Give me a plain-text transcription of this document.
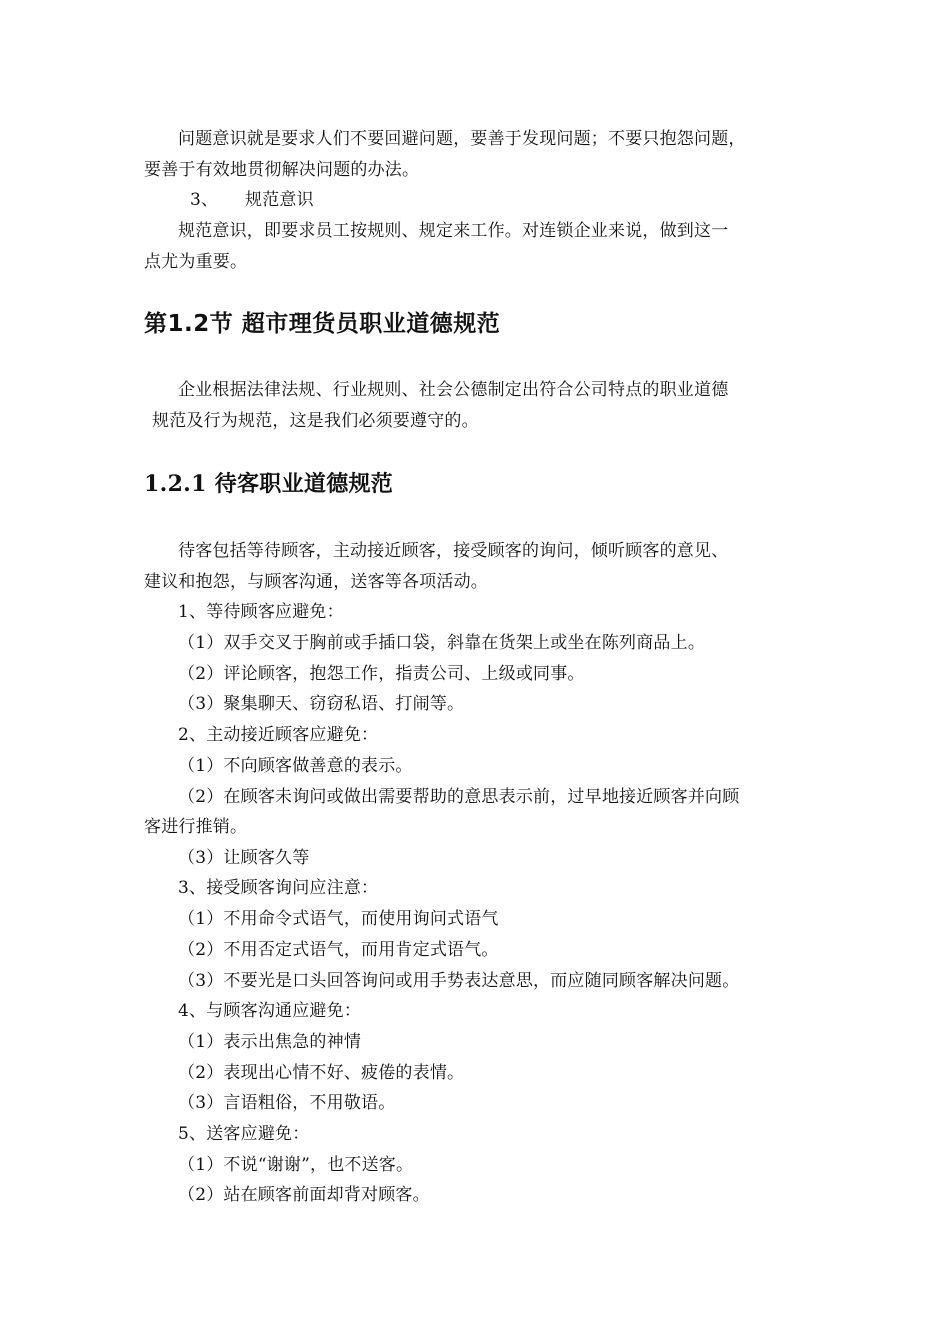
问题意识就是要求人们不要回避问题，要善于发现问题；不要只抱怨问题，
要善于有效地贯彻解决问题的办法。
3、 规范意识
规范意识，即要求员工按规则、规定来工作。对连锁企业来说，做到这一
点尤为重要。
第1.2节 超市理货员职业道德规范
企业根据法律法规、行业规则、社会公德制定出符合公司特点的职业道德
规范及行为规范，这是我们必须要遵守的。
1.2.1 待客职业道德规范
待客包括等待顾客，主动接近顾客，接受顾客的询问，倾听顾客的意见、
建议和抱怨，与顾客沟通，送客等各项活动。
1、等待顾客应避免：
（1）双手交叉于胸前或手插口袋，斜靠在货架上或坐在陈列商品上。
（2）评论顾客，抱怨工作，指责公司、上级或同事。
（3）聚集聊天、窃窃私语、打闹等。
2、主动接近顾客应避免：
（1）不向顾客做善意的表示。
（2）在顾客未询问或做出需要帮助的意思表示前，过早地接近顾客并向顾
客进行推销。
（3）让顾客久等
3、接受顾客询问应注意：
（1）不用命令式语气，而使用询问式语气
（2）不用否定式语气，而用肯定式语气。
（3）不要光是口头回答询问或用手势表达意思，而应随同顾客解决问题。
4、与顾客沟通应避免：
（1）表示出焦急的神情
（2）表现出心情不好、疲倦的表情。
（3）言语粗俗，不用敬语。
5、送客应避免：
（1）不说“谢谢”，也不送客。
（2）站在顾客前面却背对顾客。
